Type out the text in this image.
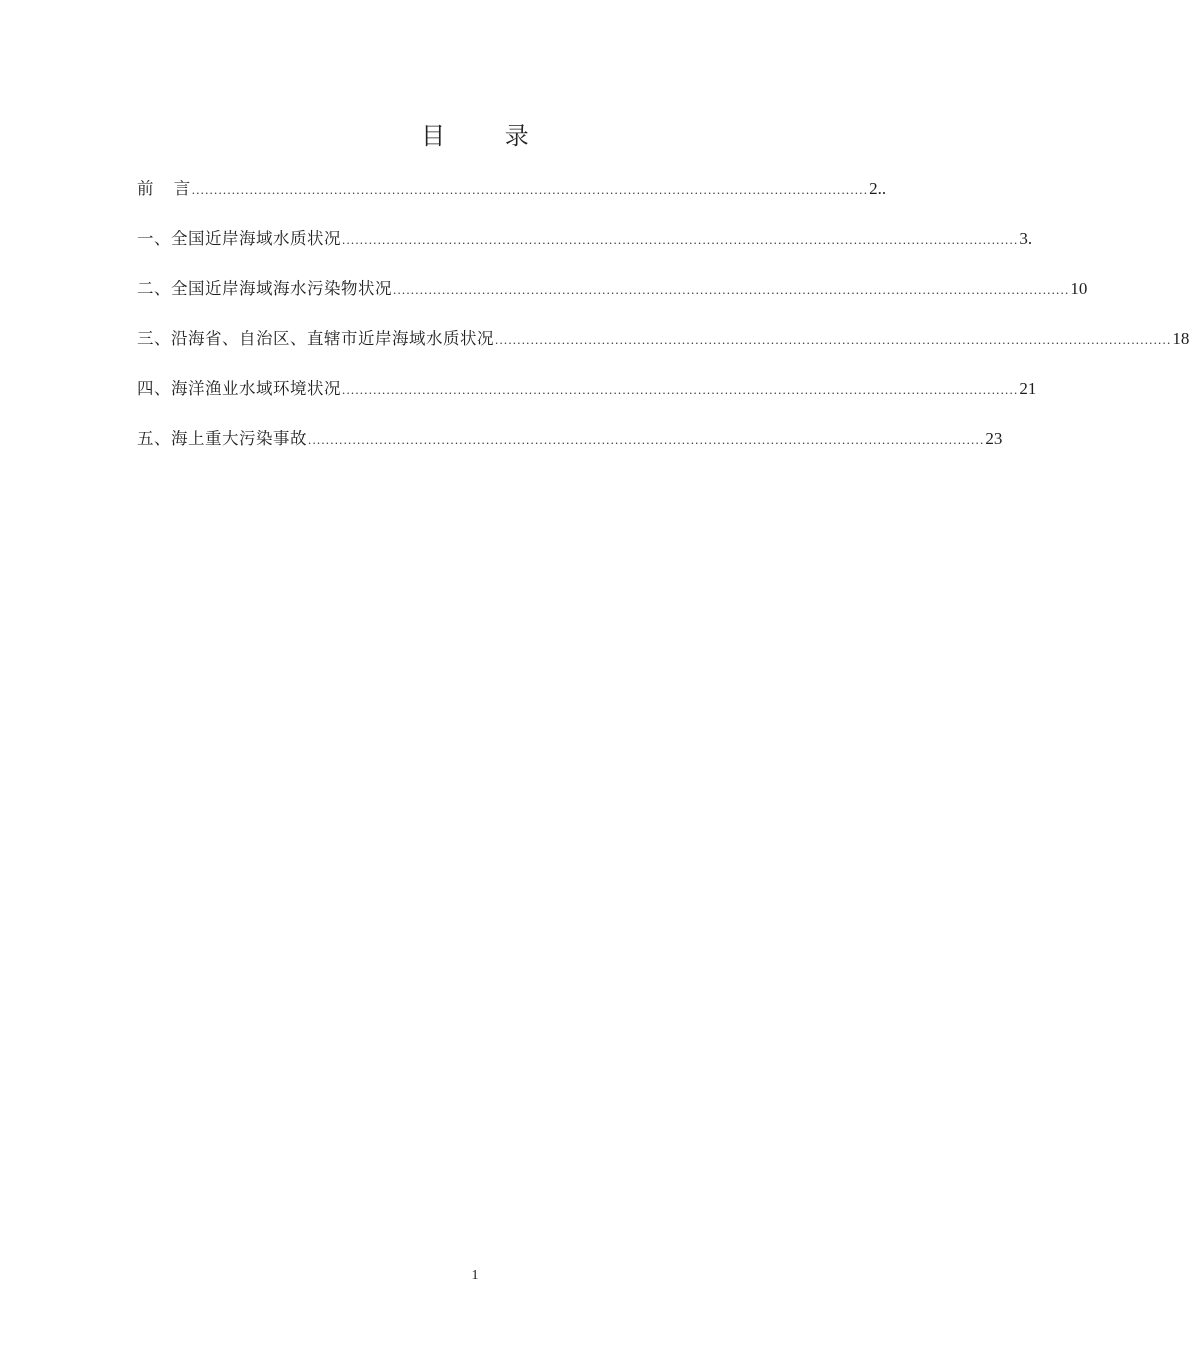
目 录
前 言 ........................................................................................................................................................ 2..
一、全国近岸海域水质状况 ........................................................................................................................................................ 3.
二、全国近岸海域海水污染物状况 ........................................................................................................................................................ 10
三、沿海省、自治区、直辖市近岸海域水质状况 ........................................................................................................................................................ 18
四、海洋渔业水域环境状况 ........................................................................................................................................................ 21
五、海上重大污染事故 ........................................................................................................................................................ 23
1
